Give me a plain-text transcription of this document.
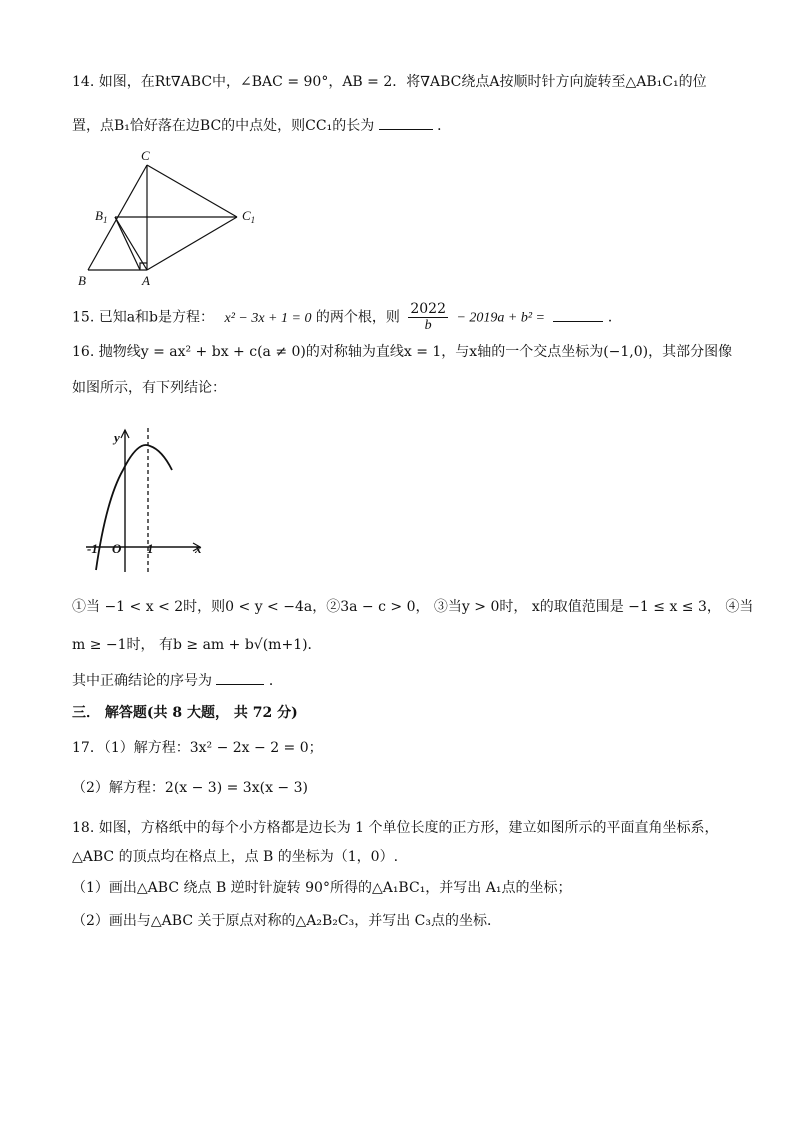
14. 如图，在Rt∇ABC中，∠BAC = 90°，AB = 2．将∇ABC绕点A按顺时针方向旋转至△AB₁C₁的位
置，点B₁恰好落在边BC的中点处，则CC₁的长为	．
C
$B_1$	$C_1$
B	A
15. 已知a和b是方程： x² − 3x + 1 = 0 的两个根，则 $\frac{2022}{b} - 2019a + b^2$ =	．
16. 抛物线y = ax² + bx + c(a ≠ 0)的对称轴为直线x = 1，与x轴的一个交点坐标为(−1,0)，其部分图像
如图所示，有下列结论：
y
x
-1 O 1
①当 −1 < x < 2时，则0 < y < −4a，②3a − c > 0， ③当y > 0时， x的取值范围是 −1 ≤ x ≤ 3， ④当
m ≥ −1时， 有b ≥ am + b√(m+1)．
其中正确结论的序号为	．
三． 解答题(共 8 大题， 共 72 分)
17．（1）解方程：3x² − 2x − 2 = 0；
（2）解方程：2(x − 3) = 3x(x − 3)
18. 如图，方格纸中的每个小方格都是边长为 1 个单位长度的正方形，建立如图所示的平面直角坐标系，
△ABC 的顶点均在格点上，点 B 的坐标为（1，0）.
（1）画出△ABC 绕点 B 逆时针旋转 90°所得的△A₁BC₁，并写出 A₁点的坐标；
（2）画出与△ABC 关于原点对称的△A₂B₂C₃，并写出 C₃点的坐标．
